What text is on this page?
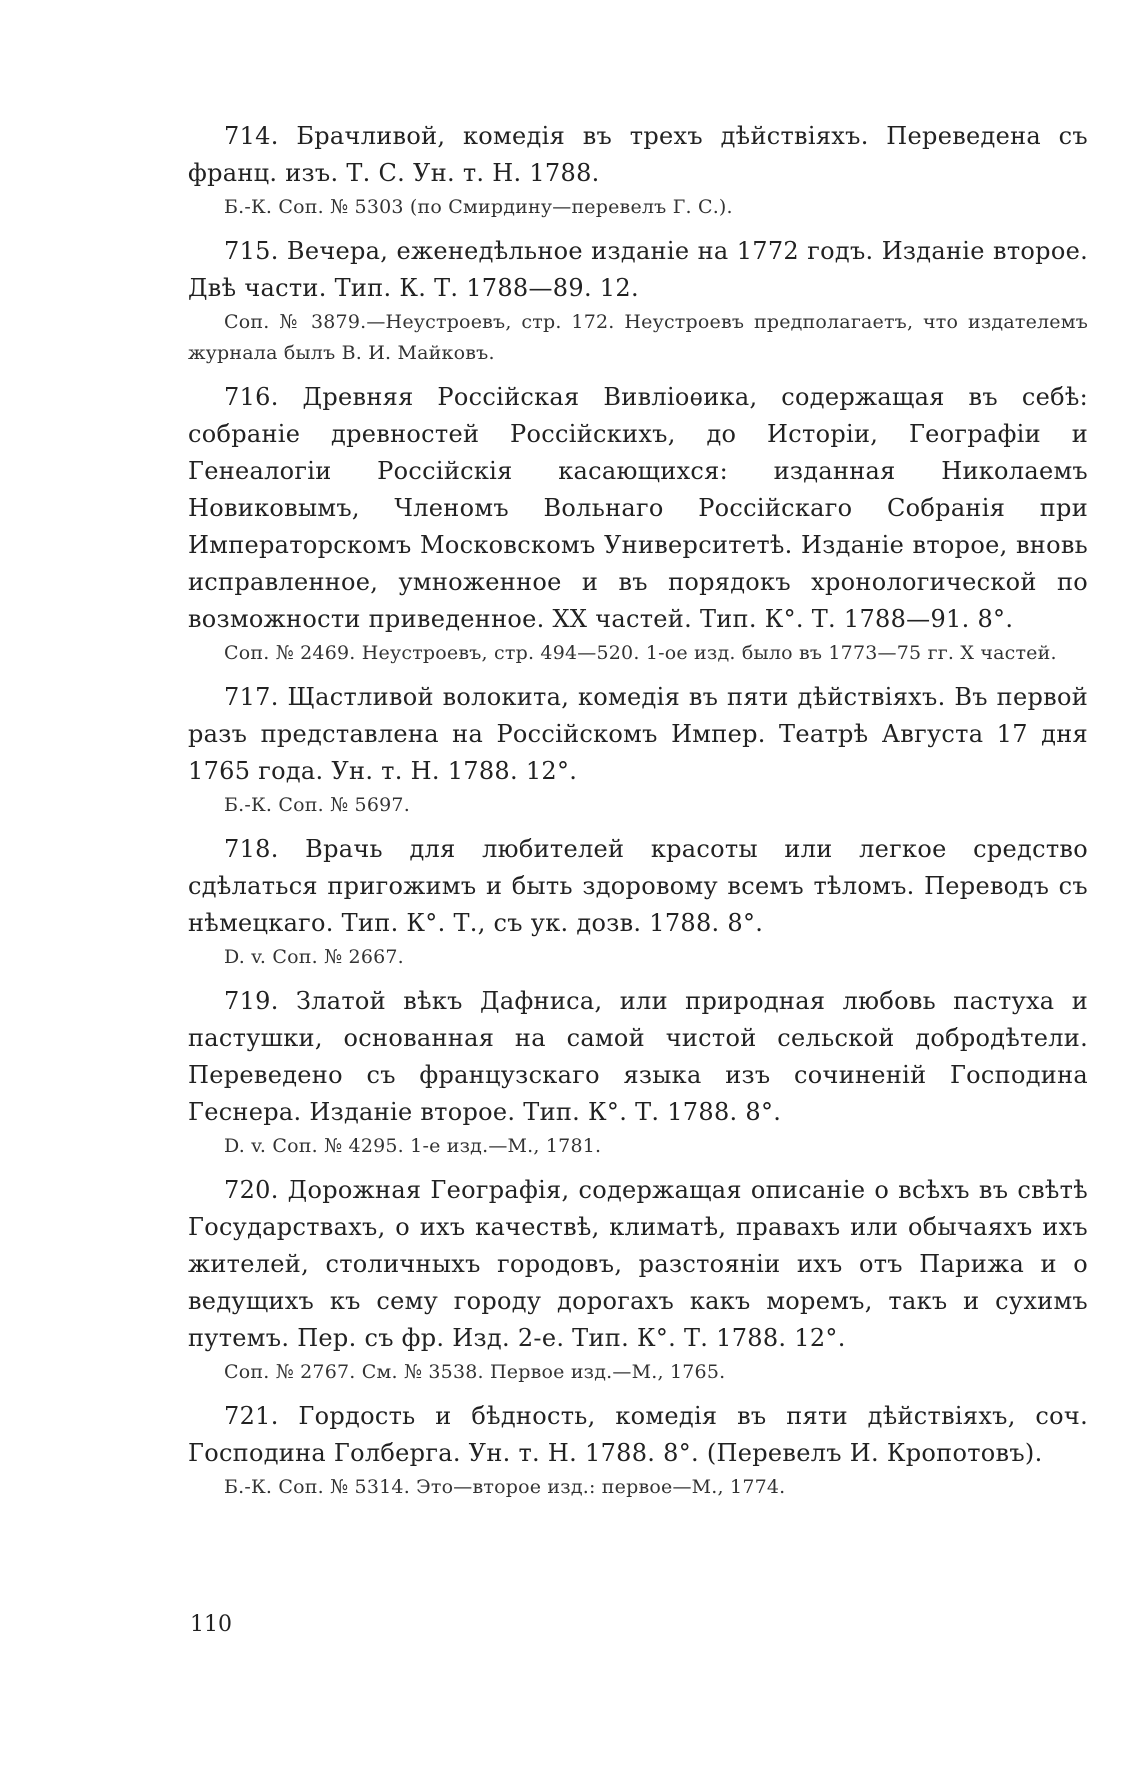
714. Брачливой, комедія въ трехъ дѣйствіяхъ. Переведена съ франц. изъ. Т. С. Ун. т. Н. 1788.

Б.-К. Соп. № 5303 (по Смирдину—перевелъ Г. С.).

715. Вечера, еженедѣльное изданіе на 1772 годъ. Изданіе второе. Двѣ части. Тип. К. Т. 1788—89. 12.

Соп. № 3879.—Неустроевъ, стр. 172. Неустроевъ предполагаетъ, что издателемъ журнала былъ В. И. Майковъ.

716. Древняя Россійская Вивліоѳика, содержащая въ себѣ: собраніе древностей Россійскихъ, до Исторіи, Географіи и Генеалогіи Россійскія касающихся: изданная Николаемъ Новиковымъ, Членомъ Вольнаго Россійскаго Собранія при Императорскомъ Московскомъ Университетѣ. Изданіе второе, вновь исправленное, умноженное и въ порядокъ хронологической по возможности приведенное. XX частей. Тип. К°. Т. 1788—91. 8°.

Соп. № 2469. Неустроевъ, стр. 494—520. 1-ое изд. было въ 1773—75 гг. X частей.

717. Щастливой волокита, комедія въ пяти дѣйствіяхъ. Въ первой разъ представлена на Россійскомъ Импер. Театрѣ Августа 17 дня 1765 года. Ун. т. Н. 1788. 12°.

Б.-К. Соп. № 5697.

718. Врачь для любителей красоты или легкое средство сдѣлаться пригожимъ и быть здоровому всемъ тѣломъ. Переводъ съ нѣмецкаго. Тип. К°. Т., съ ук. дозв. 1788. 8°.

D. v. Соп. № 2667.

719. Златой вѣкъ Дафниса, или природная любовь пастуха и пастушки, основанная на самой чистой сельской добродѣтели. Переведено съ французскаго языка изъ сочиненій Господина Геснера. Изданіе второе. Тип. К°. Т. 1788. 8°.

D. v. Соп. № 4295. 1-е изд.—М., 1781.

720. Дорожная Географія, содержащая описаніе о всѣхъ въ свѣтѣ Государствахъ, о ихъ качествѣ, климатѣ, правахъ или обычаяхъ ихъ жителей, столичныхъ городовъ, разстояніи ихъ отъ Парижа и о ведущихъ къ сему городу дорогахъ какъ моремъ, такъ и сухимъ путемъ. Пер. съ фр. Изд. 2-е. Тип. К°. Т. 1788. 12°.

Соп. № 2767. См. № 3538. Первое изд.—М., 1765.

721. Гордость и бѣдность, комедія въ пяти дѣйствіяхъ, соч. Господина Голберга. Ун. т. Н. 1788. 8°. (Перевелъ И. Кропотовъ).

Б.-К. Соп. № 5314. Это—второе изд.: первое—М., 1774.

110
